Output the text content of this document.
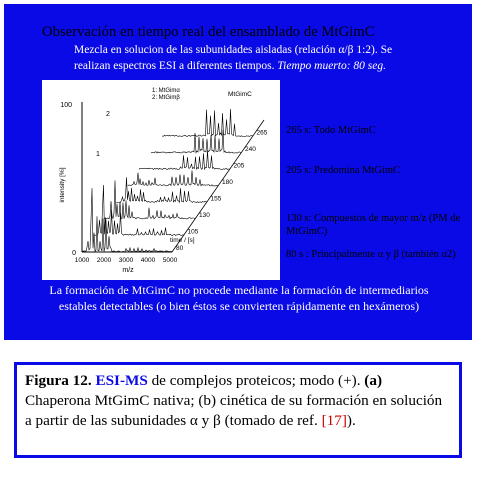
Observación en tiempo real del ensamblado de MtGimC
Mezcla en solucion de las subunidades aisladas (relación α/β 1:2). Se realizan espectros ESI a diferentes tiempos. Tiempo muerto: 80 seg.
100
0
intensity [%]
1000 2000 3000 4000 5000
m/z
1: MtGimα
2: MtGimβ	MtGimC
1
2
time / [s]
265
240
205
180
155
130
105
80
265 s: Todo MtGimC
205 s: Predomina MtGimC
130 s: Compuestos de mayor m/z (PM de MtGimC)
80 s : Principalmente α y β (también α2)
La formación de MtGimC no procede mediante la formación de intermediarios estables detectables (o bien éstos se convierten rápidamente en hexámeros)
Figura 12. ESI-MS de complejos proteicos; modo (+). (a) Chaperona MtGimC nativa; (b) cinética de su formación en solución a partir de las subunidades α y β (tomado de ref. [17]).
